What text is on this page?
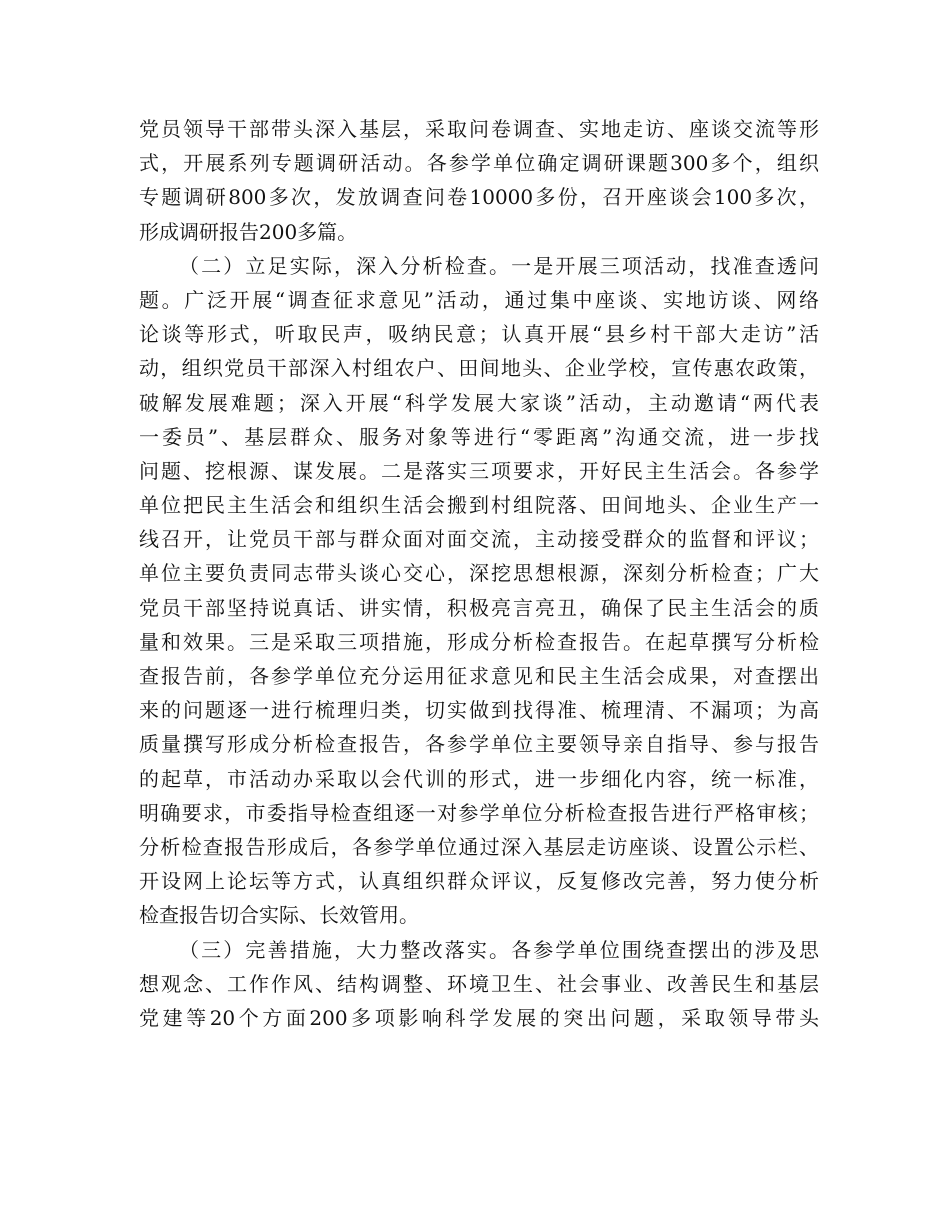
党员领导干部带头深入基层，采取问卷调查、实地走访、座谈交流等形
式，开展系列专题调研活动。各参学单位确定调研课题300多个，组织
专题调研800多次，发放调查问卷10000多份，召开座谈会100多次，
形成调研报告200多篇。
（二）立足实际，深入分析检查。一是开展三项活动，找准查透问
题。广泛开展“调查征求意见”活动，通过集中座谈、实地访谈、网络
论谈等形式，听取民声，吸纳民意；认真开展“县乡村干部大走访”活
动，组织党员干部深入村组农户、田间地头、企业学校，宣传惠农政策，
破解发展难题；深入开展“科学发展大家谈”活动，主动邀请“两代表
一委员”、基层群众、服务对象等进行“零距离”沟通交流，进一步找
问题、挖根源、谋发展。二是落实三项要求，开好民主生活会。各参学
单位把民主生活会和组织生活会搬到村组院落、田间地头、企业生产一
线召开，让党员干部与群众面对面交流，主动接受群众的监督和评议；
单位主要负责同志带头谈心交心，深挖思想根源，深刻分析检查；广大
党员干部坚持说真话、讲实情，积极亮言亮丑，确保了民主生活会的质
量和效果。三是采取三项措施，形成分析检查报告。在起草撰写分析检
查报告前，各参学单位充分运用征求意见和民主生活会成果，对查摆出
来的问题逐一进行梳理归类，切实做到找得准、梳理清、不漏项；为高
质量撰写形成分析检查报告，各参学单位主要领导亲自指导、参与报告
的起草，市活动办采取以会代训的形式，进一步细化内容，统一标准，
明确要求，市委指导检查组逐一对参学单位分析检查报告进行严格审核；
分析检查报告形成后，各参学单位通过深入基层走访座谈、设置公示栏、
开设网上论坛等方式，认真组织群众评议，反复修改完善，努力使分析
检查报告切合实际、长效管用。
（三）完善措施，大力整改落实。各参学单位围绕查摆出的涉及思
想观念、工作作风、结构调整、环境卫生、社会事业、改善民生和基层
党建等20个方面200多项影响科学发展的突出问题，采取领导带头
